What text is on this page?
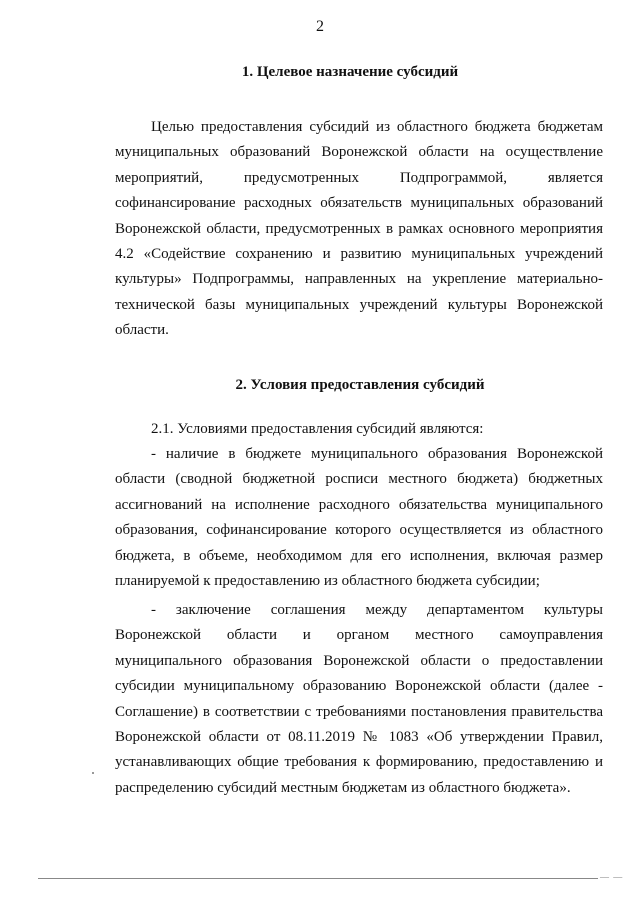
2
1. Целевое назначение субсидий

Целью предоставления субсидий из областного бюджета бюджетам муниципальных образований Воронежской области на осуществление мероприятий, предусмотренных Подпрограммой, является софинансирование расходных обязательств муниципальных образований Воронежской области, предусмотренных в рамках основного мероприятия 4.2 «Содействие сохранению и развитию муниципальных учреждений культуры» Подпрограммы, направленных на укрепление материально-технической базы муниципальных учреждений культуры Воронежской области.

2. Условия предоставления субсидий

2.1. Условиями предоставления субсидий являются:

- наличие в бюджете муниципального образования Воронежской области (сводной бюджетной росписи местного бюджета) бюджетных ассигнований на исполнение расходного обязательства муниципального образования, софинансирование которого осуществляется из областного бюджета, в объеме, необходимом для его исполнения, включая размер планируемой к предоставлению из областного бюджета субсидии;

- заключение соглашения между департаментом культуры Воронежской области и органом местного самоуправления муниципального образования Воронежской области о предоставлении субсидии муниципальному образованию Воронежской области (далее - Соглашение) в соответствии с требованиями постановления правительства Воронежской области от 08.11.2019 № 1083 «Об утверждении Правил, устанавливающих общие требования к формированию, предоставлению и распределению субсидий местным бюджетам из областного бюджета».

— —
